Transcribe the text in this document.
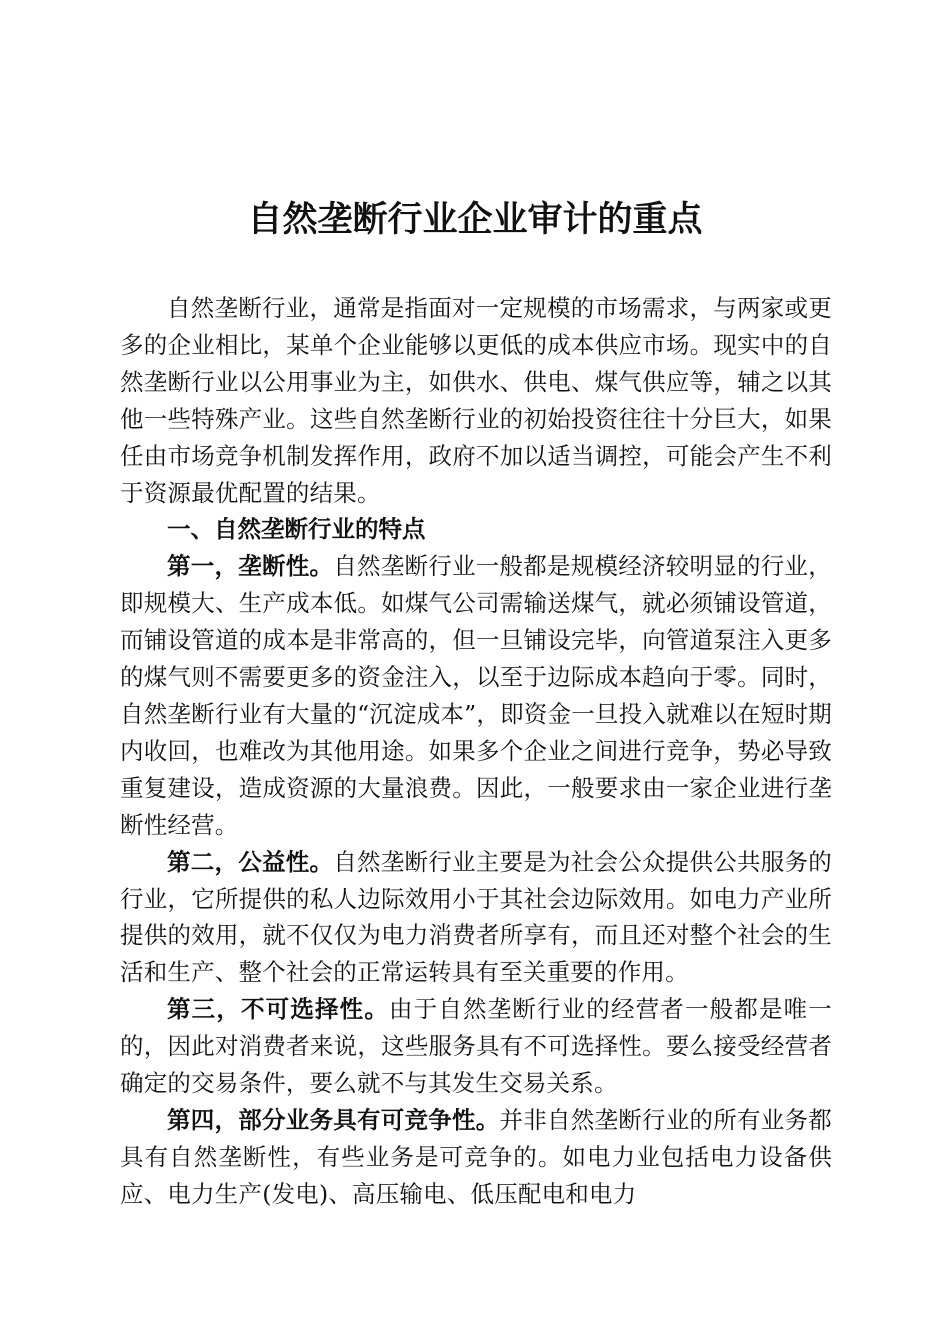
自然垄断行业企业审计的重点

自然垄断行业，通常是指面对一定规模的市场需求，与两家或更多的企业相比，某单个企业能够以更低的成本供应市场。现实中的自然垄断行业以公用事业为主，如供水、供电、煤气供应等，辅之以其他一些特殊产业。这些自然垄断行业的初始投资往往十分巨大，如果任由市场竞争机制发挥作用，政府不加以适当调控，可能会产生不利于资源最优配置的结果。

一、自然垄断行业的特点

第一，垄断性。自然垄断行业一般都是规模经济较明显的行业，即规模大、生产成本低。如煤气公司需输送煤气，就必须铺设管道，而铺设管道的成本是非常高的，但一旦铺设完毕，向管道泵注入更多的煤气则不需要更多的资金注入，以至于边际成本趋向于零。同时，自然垄断行业有大量的“沉淀成本”，即资金一旦投入就难以在短时期内收回，也难改为其他用途。如果多个企业之间进行竞争，势必导致重复建设，造成资源的大量浪费。因此，一般要求由一家企业进行垄断性经营。

第二，公益性。自然垄断行业主要是为社会公众提供公共服务的行业，它所提供的私人边际效用小于其社会边际效用。如电力产业所提供的效用，就不仅仅为电力消费者所享有，而且还对整个社会的生活和生产、整个社会的正常运转具有至关重要的作用。

第三，不可选择性。由于自然垄断行业的经营者一般都是唯一的，因此对消费者来说，这些服务具有不可选择性。要么接受经营者确定的交易条件，要么就不与其发生交易关系。

第四，部分业务具有可竞争性。并非自然垄断行业的所有业务都具有自然垄断性，有些业务是可竞争的。如电力业包括电力设备供应、电力生产(发电)、高压输电、低压配电和电力
